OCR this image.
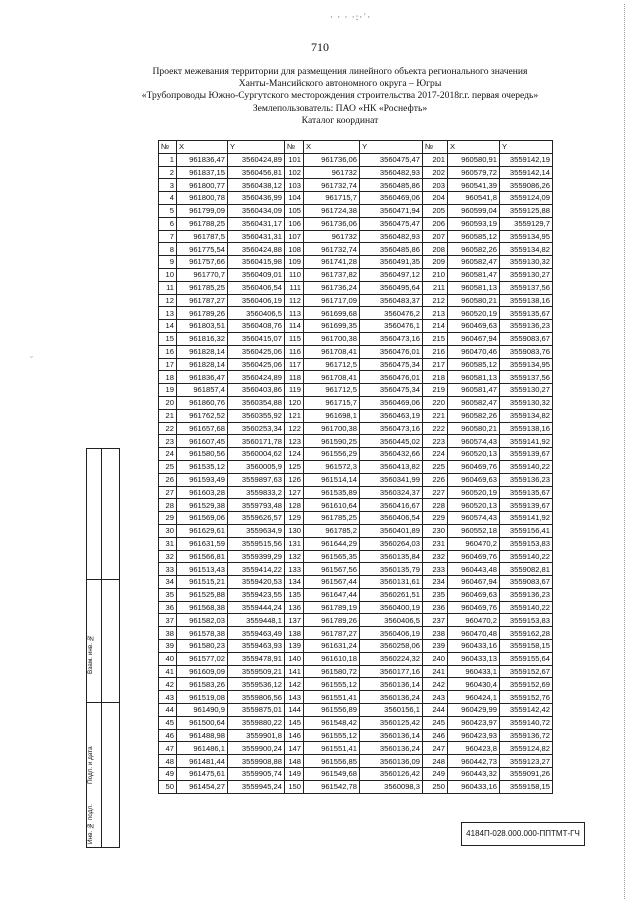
· · · ·:·˙·
ᵕ
710
Проект межевания территории для размещения линейного объекта регионального значения
Ханты-Мансийского автономного округа – Югры
«Трубопроводы Южно-Сургутского месторождения строительства 2017-2018г.г. первая очередь»
Землепользователь: ПАО «НК «Роснефть»
Каталог координат
№	X	Y	№	X	Y	№	X	Y
1	961836,47	3560424,89	101	961736,06	3560475,47	201	960580,91	3559142,19
2	961837,15	3560456,81	102	961732	3560482,93	202	960579,72	3559142,14
3	961800,77	3560438,12	103	961732,74	3560485,86	203	960541,39	3559086,26
4	961800,78	3560436,99	104	961715,7	3560469,06	204	960541,8	3559124,09
5	961799,09	3560434,09	105	961724,38	3560471,94	205	960599,04	3559125,88
6	961788,25	3560431,17	106	961736,06	3560475,47	206	960593,19	3559129,7
7	961787,5	3560431,31	107	961732	3560482,93	207	960585,12	3559134,95
8	961775,54	3560424,88	108	961732,74	3560485,86	208	960582,26	3559134,82
9	961757,66	3560415,98	109	961741,28	3560491,35	209	960582,47	3559130,32
10	961770,7	3560409,01	110	961737,82	3560497,12	210	960581,47	3559130,27
11	961785,25	3560406,54	111	961736,24	3560495,64	211	960581,13	3559137,56
12	961787,27	3560406,19	112	961717,09	3560483,37	212	960580,21	3559138,16
13	961789,26	3560406,5	113	961699,68	3560476,2	213	960520,19	3559135,67
14	961803,51	3560408,76	114	961699,35	3560476,1	214	960469,63	3559136,23
15	961816,32	3560415,07	115	961700,38	3560473,16	215	960467,94	3559083,67
16	961828,14	3560425,06	116	961708,41	3560476,01	216	960470,46	3559083,76
17	961828,14	3560425,06	117	961712,5	3560475,34	217	960585,12	3559134,95
18	961836,47	3560424,89	118	961708,41	3560476,01	218	960581,13	3559137,56
19	961857,4	3560403,86	119	961712,5	3560475,34	219	960581,47	3559130,27
20	961860,76	3560354,88	120	961715,7	3560469,06	220	960582,47	3559130,32
21	961762,52	3560355,92	121	961698,1	3560463,19	221	960582,26	3559134,82
22	961657,68	3560253,34	122	961700,38	3560473,16	222	960580,21	3559138,16
23	961607,45	3560171,78	123	961590,25	3560445,02	223	960574,43	3559141,92
24	961580,56	3560004,62	124	961556,29	3560432,66	224	960520,13	3559139,67
25	961535,12	3560005,9	125	961572,3	3560413,82	225	960469,76	3559140,22
26	961593,49	3559897,63	126	961514,14	3560341,99	226	960469,63	3559136,23
27	961603,28	3559833,2	127	961535,89	3560324,37	227	960520,19	3559135,67
28	961529,38	3559793,48	128	961610,64	3560416,67	228	960520,13	3559139,67
29	961569,06	3559626,57	129	961785,25	3560406,54	229	960574,43	3559141,92
30	961629,61	3559634,9	130	961785,2	3560401,89	230	960552,18	3559156,41
31	961631,59	3559515,56	131	961644,29	3560264,03	231	960470,2	3559153,83
32	961566,81	3559399,29	132	961565,35	3560135,84	232	960469,76	3559140,22
33	961513,43	3559414,22	133	961567,56	3560135,79	233	960443,48	3559082,81
34	961515,21	3559420,53	134	961567,44	3560131,61	234	960467,94	3559083,67
35	961525,88	3559423,55	135	961647,44	3560261,51	235	960469,63	3559136,23
36	961568,38	3559444,24	136	961789,19	3560400,19	236	960469,76	3559140,22
37	961582,03	3559448,1	137	961789,26	3560406,5	237	960470,2	3559153,83
38	961578,38	3559463,49	138	961787,27	3560406,19	238	960470,48	3559162,28
39	961580,23	3559463,93	139	961631,24	3560258,06	239	960433,16	3559158,15
40	961577,02	3559478,91	140	961610,18	3560224,32	240	960433,13	3559155,64
41	961609,09	3559509,21	141	961580,72	3560177,16	241	960433,1	3559152,67
42	961583,26	3559536,12	142	961555,12	3560136,14	242	960430,4	3559152,69
43	961519,08	3559806,56	143	961551,41	3560136,24	243	960424,1	3559152,76
44	961490,9	3559875,01	144	961556,89	3560156,1	244	960429,99	3559142,42
45	961500,64	3559880,22	145	961548,42	3560125,42	245	960423,97	3559140,72
46	961488,98	3559901,8	146	961555,12	3560136,14	246	960423,93	3559136,72
47	961486,1	3559900,24	147	961551,41	3560136,24	247	960423,8	3559124,82
48	961481,44	3559908,88	148	961556,85	3560136,09	248	960442,73	3559123,27
49	961475,61	3559905,74	149	961549,68	3560126,42	249	960443,32	3559091,26
50	961454,27	3559945,24	150	961542,78	3560098,3	250	960433,16	3559158,15
Взам. инв. №
Подп. и дата
Инв. № подл.	4184П-028.000.000-ППТМТ-ГЧ
